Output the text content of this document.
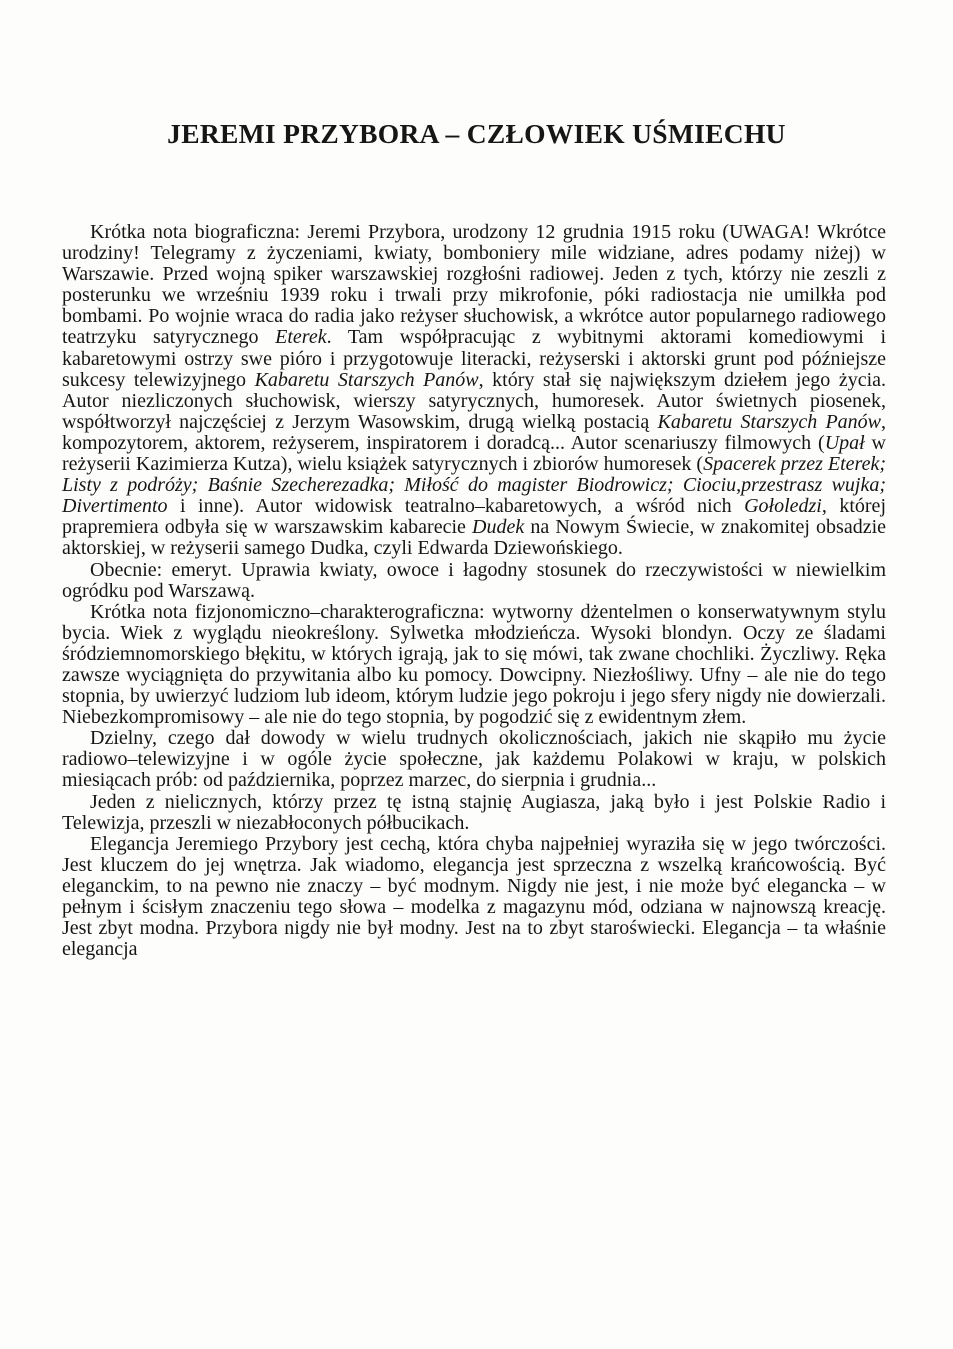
JEREMI PRZYBORA – CZŁOWIEK UŚMIECHU

Krótka nota biograficzna: Jeremi Przybora, urodzony 12 grudnia 1915 roku (UWAGA! Wkrótce urodziny! Telegramy z życzeniami, kwiaty, bomboniery mile widziane, adres podamy niżej) w Warszawie. Przed wojną spiker warszawskiej rozgłośni radiowej. Jeden z tych, którzy nie zeszli z posterunku we wrześniu 1939 roku i trwali przy mikrofonie, póki radiostacja nie umilkła pod bombami. Po wojnie wraca do radia jako reżyser słuchowisk, a wkrótce autor popularnego radiowego teatrzyku satyrycznego Eterek. Tam współpracując z wybitnymi aktorami komediowymi i kabaretowymi ostrzy swe pióro i przygotowuje literacki, reżyserski i aktorski grunt pod późniejsze sukcesy telewizyjnego Kabaretu Starszych Panów, który stał się największym dziełem jego życia. Autor niezliczonych słuchowisk, wierszy satyrycznych, humoresek. Autor świetnych piosenek, współtworzył najczęściej z Jerzym Wasowskim, drugą wielką postacią Kabaretu Starszych Panów, kompozytorem, aktorem, reżyserem, inspiratorem i doradcą... Autor scenariuszy filmowych (Upał w reżyserii Kazimierza Kutza), wielu książek satyrycznych i zbiorów humoresek (Spacerek przez Eterek; Listy z podróży; Baśnie Szecherezadka; Miłość do magister Biodrowicz; Ciociu,przestrasz wujka; Divertimento i inne). Autor widowisk teatralno–kabaretowych, a wśród nich Gołoledzi, której prapremiera odbyła się w warszawskim kabarecie Dudek na Nowym Świecie, w znakomitej obsadzie aktorskiej, w reżyserii samego Dudka, czyli Edwarda Dziewońskiego.

Obecnie: emeryt. Uprawia kwiaty, owoce i łagodny stosunek do rzeczywistości w niewielkim ogródku pod Warszawą.

Krótka nota fizjonomiczno–charakterograficzna: wytworny dżentelmen o konserwatywnym stylu bycia. Wiek z wyglądu nieokreślony. Sylwetka młodzieńcza. Wysoki blondyn. Oczy ze śladami śródziemnomorskiego błękitu, w których igrają, jak to się mówi, tak zwane chochliki. Życzliwy. Ręka zawsze wyciągnięta do przywitania albo ku pomocy. Dowcipny. Niezłośliwy. Ufny – ale nie do tego stopnia, by uwierzyć ludziom lub ideom, którym ludzie jego pokroju i jego sfery nigdy nie dowierzali. Niebezkompromisowy – ale nie do tego stopnia, by pogodzić się z ewidentnym złem.

Dzielny, czego dał dowody w wielu trudnych okolicznościach, jakich nie skąpiło mu życie radiowo–telewizyjne i w ogóle życie społeczne, jak każdemu Polakowi w kraju, w polskich miesiącach prób: od października, poprzez marzec, do sierpnia i grudnia...

Jeden z nielicznych, którzy przez tę istną stajnię Augiasza, jaką było i jest Polskie Radio i Telewizja, przeszli w niezabłoconych półbucikach.

Elegancja Jeremiego Przybory jest cechą, która chyba najpełniej wyraziła się w jego twórczości. Jest kluczem do jej wnętrza. Jak wiadomo, elegancja jest sprzeczna z wszelką krańcowością. Być eleganckim, to na pewno nie znaczy – być modnym. Nigdy nie jest, i nie może być elegancka – w pełnym i ścisłym znaczeniu tego słowa – modelka z magazynu mód, odziana w najnowszą kreację. Jest zbyt modna. Przybora nigdy nie był modny. Jest na to zbyt staroświecki. Elegancja – ta właśnie elegancja
